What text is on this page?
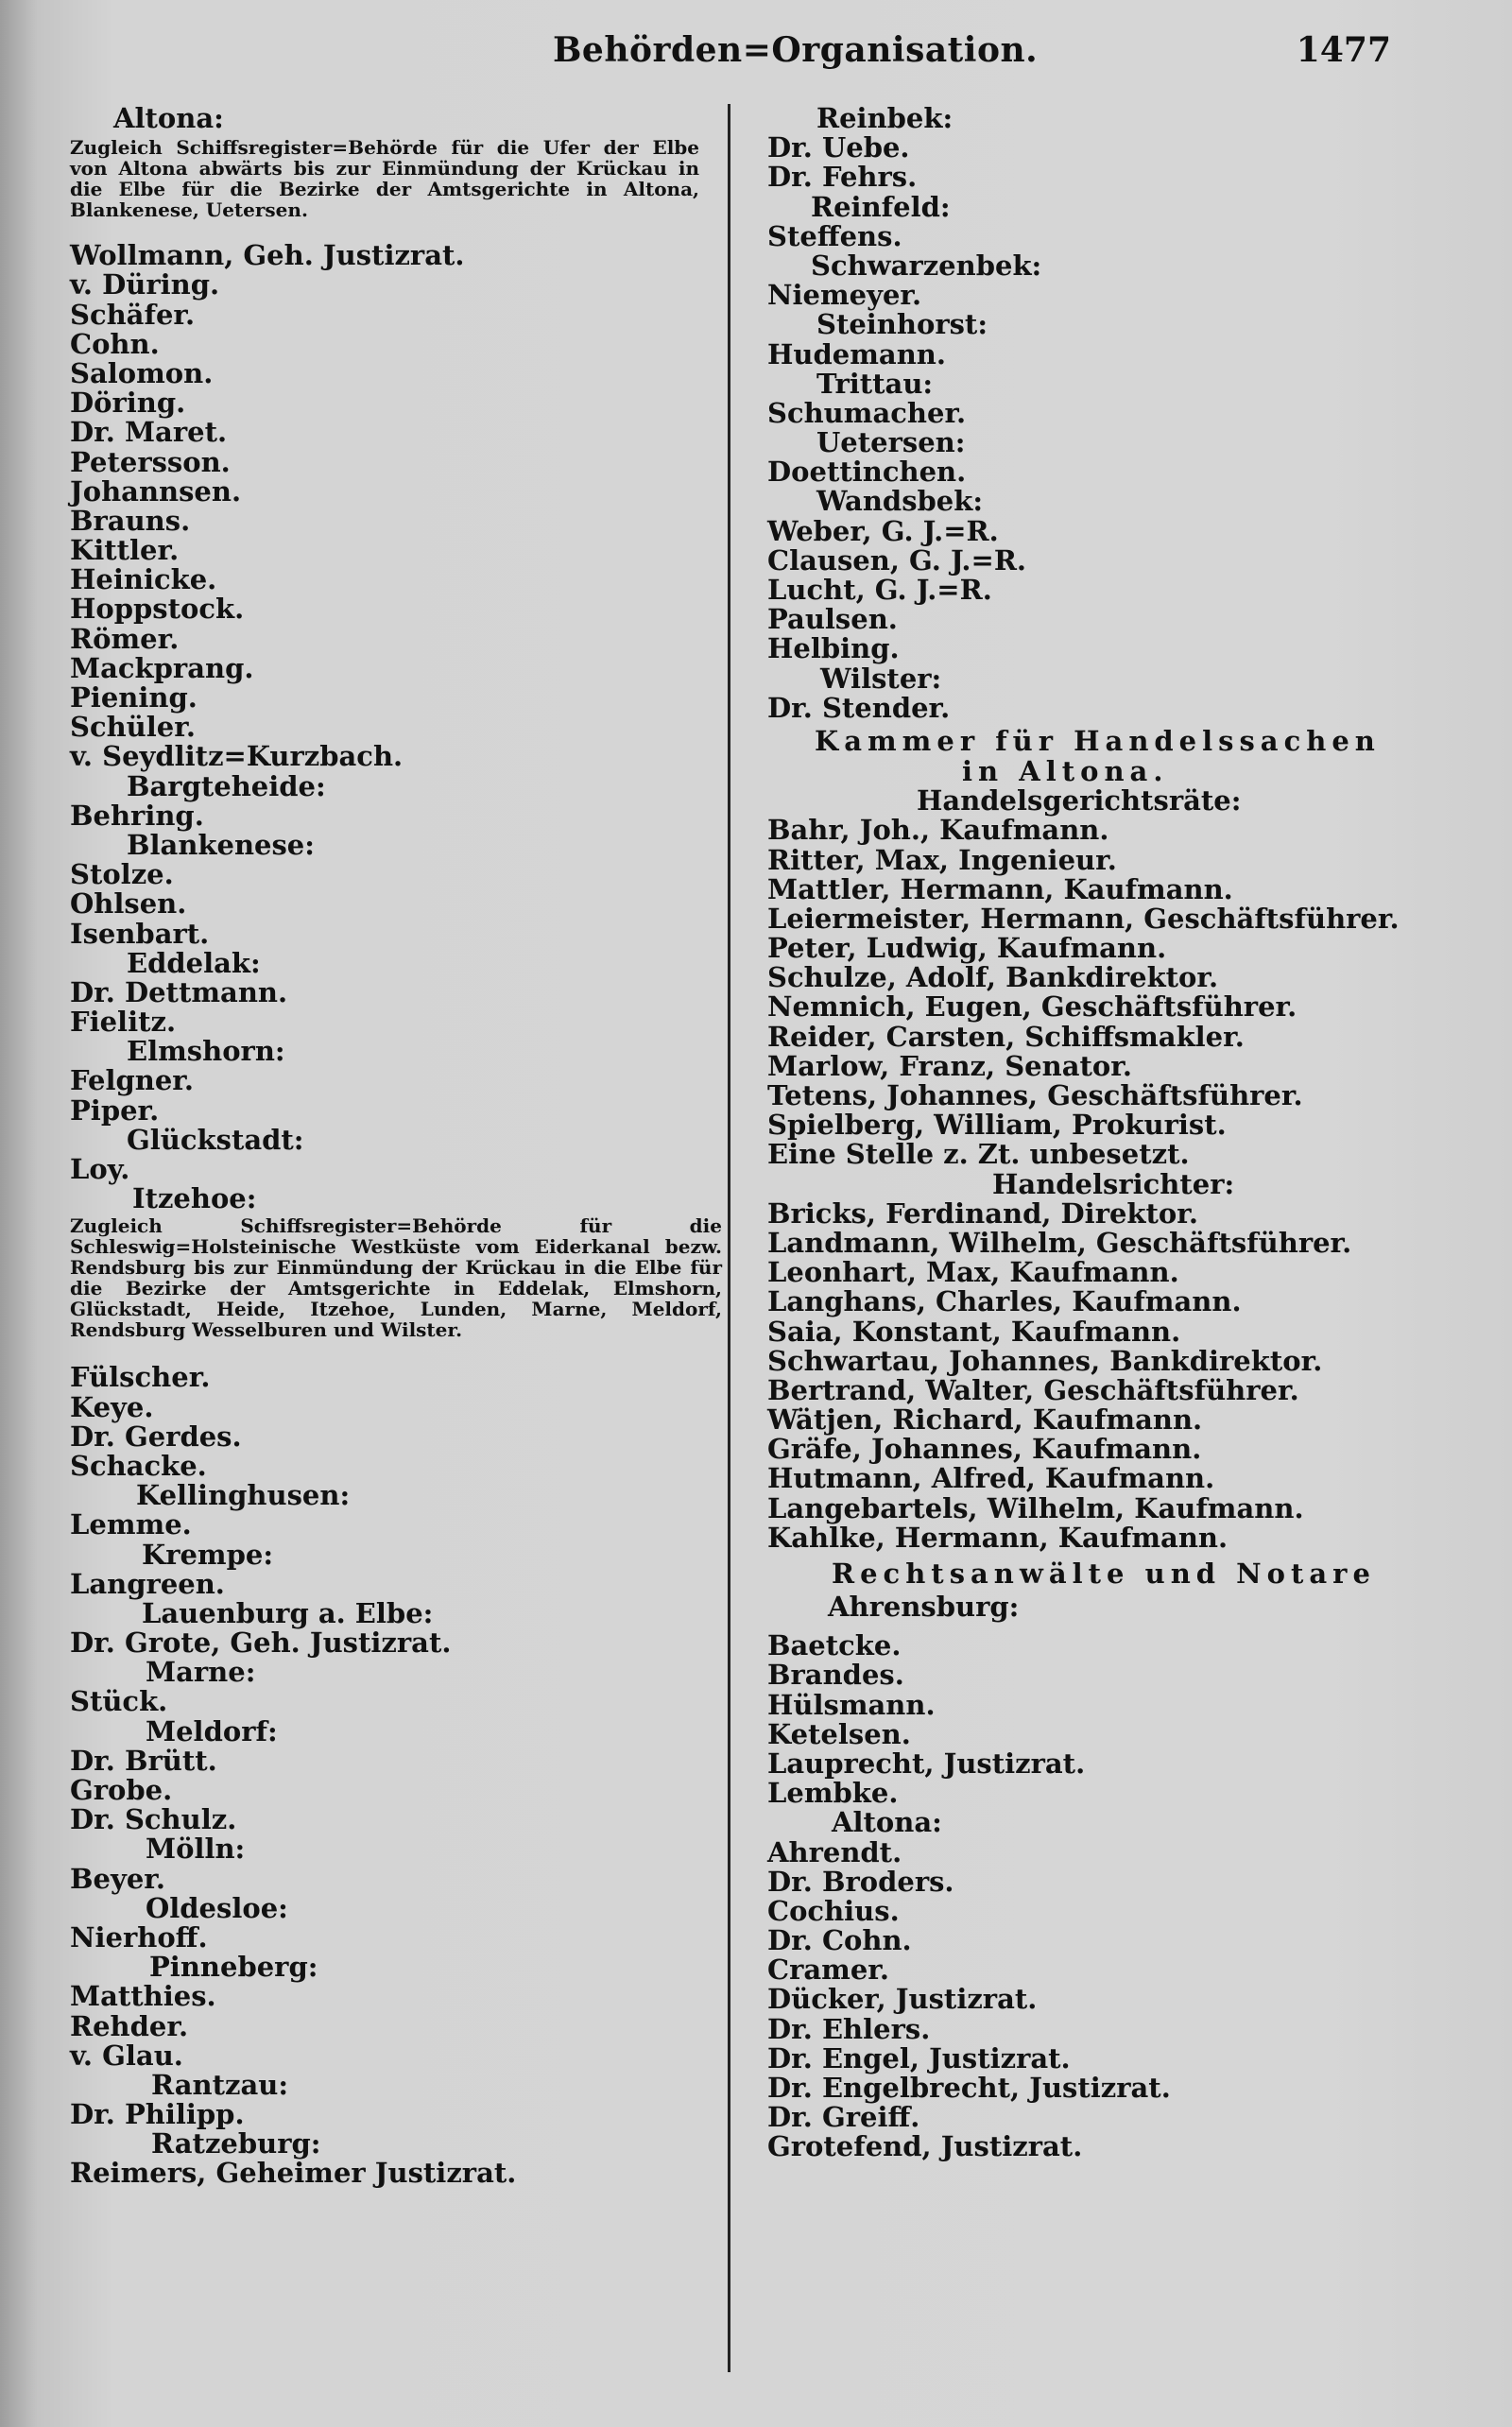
Behörden=Organisation.	1477
Altona:
Zugleich Schiffsregister=Behörde für die Ufer der Elbe von Altona abwärts bis zur Einmündung der Krückau in die Elbe für die Bezirke der Amtsgerichte in Altona, Blankenese, Uetersen.
Wollmann, Geh. Justizrat.
v. Düring.
Schäfer.
Cohn.
Salomon.
Döring.
Dr. Maret.
Petersson.
Johannsen.
Brauns.
Kittler.
Heinicke.
Hoppstock.
Römer.
Mackprang.
Piening.
Schüler.
v. Seydlitz=Kurzbach.
Bargteheide:
Behring.
Blankenese:
Stolze.
Ohlsen.
Isenbart.
Eddelak:
Dr. Dettmann.
Fielitz.
Elmshorn:
Felgner.
Piper.
Glückstadt:
Loy.
Itzehoe:
Zugleich Schiffsregister=Behörde für die Schleswig=Holsteinische Westküste vom Eiderkanal bezw. Rendsburg bis zur Einmündung der Krückau in die Elbe für die Bezirke der Amtsgerichte in Eddelak, Elmshorn, Glückstadt, Heide, Itzehoe, Lunden, Marne, Meldorf, Rendsburg Wesselburen und Wilster.
Fülscher.
Keye.
Dr. Gerdes.
Schacke.
Kellinghusen:
Lemme.
Krempe:
Langreen.
Lauenburg a. Elbe:
Dr. Grote, Geh. Justizrat.
Marne:
Stück.
Meldorf:
Dr. Brütt.
Grobe.
Dr. Schulz.
Mölln:
Beyer.
Oldesloe:
Nierhoff.
Pinneberg:
Matthies.
Rehder.
v. Glau.
Rantzau:
Dr. Philipp.
Ratzeburg:
Reimers, Geheimer Justizrat.
Reinbek:
Dr. Uebe.
Dr. Fehrs.
Reinfeld:
Steffens.
Schwarzenbek:
Niemeyer.
Steinhorst:
Hudemann.
Trittau:
Schumacher.
Uetersen:
Doettinchen.
Wandsbek:
Weber, G. J.=R.
Clausen, G. J.=R.
Lucht, G. J.=R.
Paulsen.
Helbing.
Wilster:
Dr. Stender.
Kammer für Handelssachen
in Altona.
Handelsgerichtsräte:
Bahr, Joh., Kaufmann.
Ritter, Max, Ingenieur.
Mattler, Hermann, Kaufmann.
Leiermeister, Hermann, Geschäftsführer.
Peter, Ludwig, Kaufmann.
Schulze, Adolf, Bankdirektor.
Nemnich, Eugen, Geschäftsführer.
Reider, Carsten, Schiffsmakler.
Marlow, Franz, Senator.
Tetens, Johannes, Geschäftsführer.
Spielberg, William, Prokurist.
Eine Stelle z. Zt. unbesetzt.
Handelsrichter:
Bricks, Ferdinand, Direktor.
Landmann, Wilhelm, Geschäftsführer.
Leonhart, Max, Kaufmann.
Langhans, Charles, Kaufmann.
Saia, Konstant, Kaufmann.
Schwartau, Johannes, Bankdirektor.
Bertrand, Walter, Geschäftsführer.
Wätjen, Richard, Kaufmann.
Gräfe, Johannes, Kaufmann.
Hutmann, Alfred, Kaufmann.
Langebartels, Wilhelm, Kaufmann.
Kahlke, Hermann, Kaufmann.
Rechtsanwälte und Notare
Ahrensburg:
Baetcke.
Brandes.
Hülsmann.
Ketelsen.
Lauprecht, Justizrat.
Lembke.
Altona:
Ahrendt.
Dr. Broders.
Cochius.
Dr. Cohn.
Cramer.
Dücker, Justizrat.
Dr. Ehlers.
Dr. Engel, Justizrat.
Dr. Engelbrecht, Justizrat.
Dr. Greiff.
Grotefend, Justizrat.
